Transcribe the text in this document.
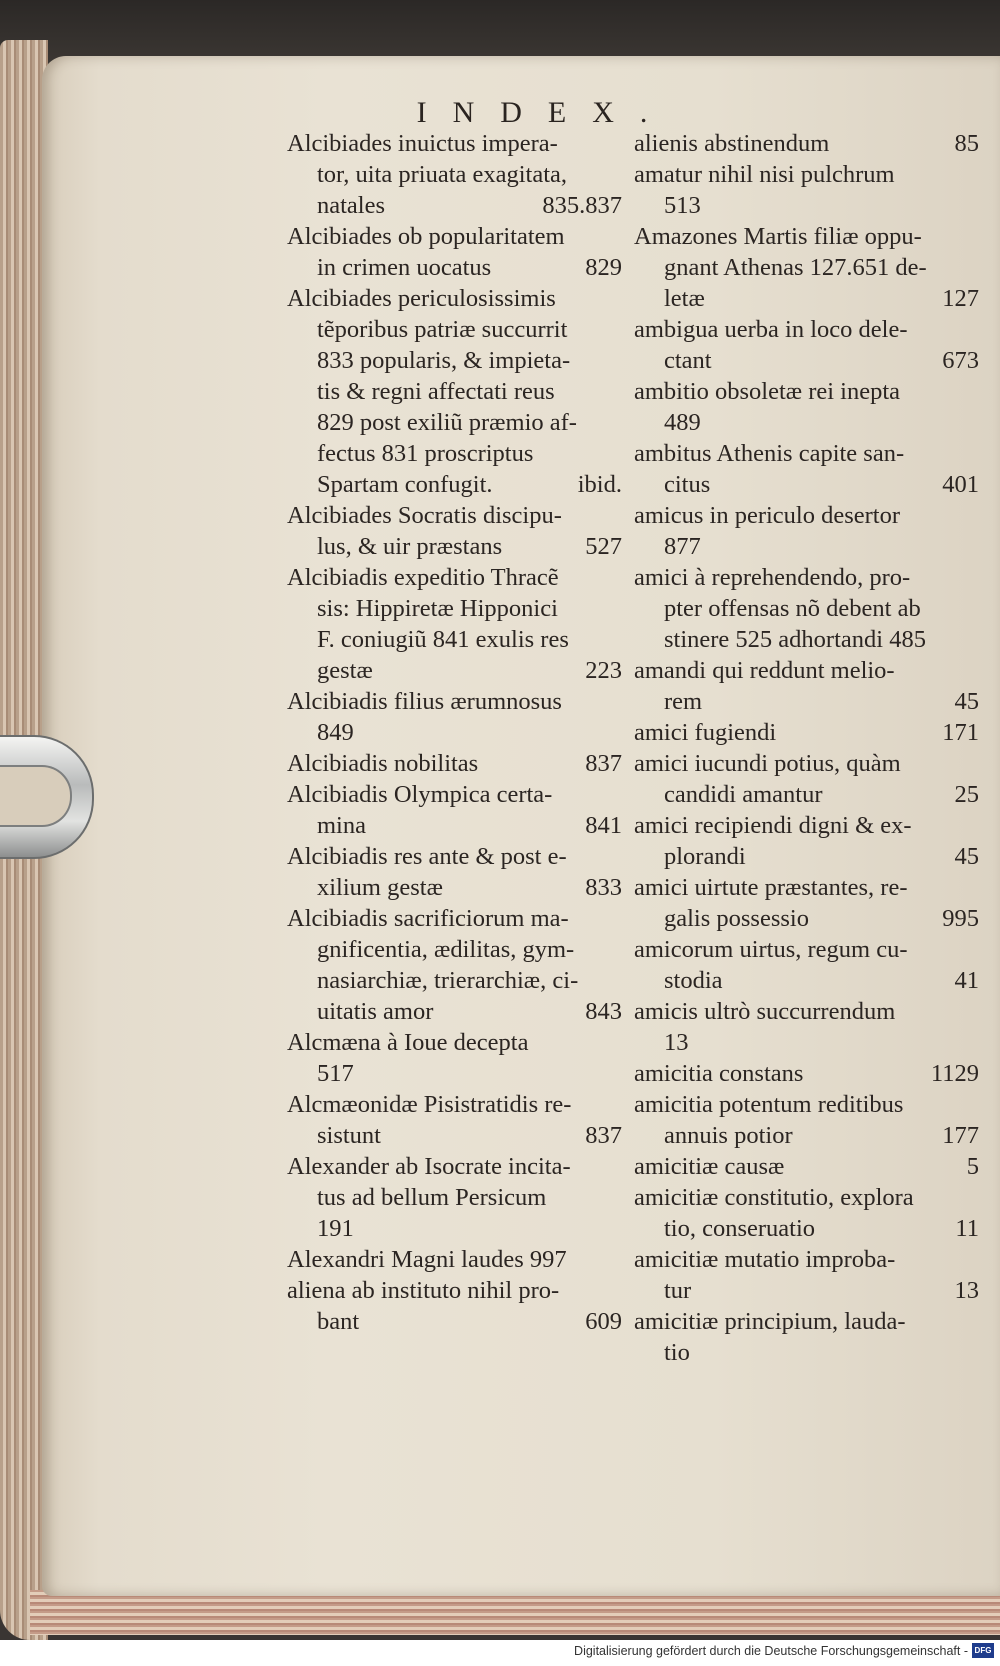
INDEX.
Alcibiades inuictus impera-
tor, uita priuata exagitata,
835.837
natales
Alcibiades ob popularitatem
829
in crimen uocatus
Alcibiades periculosissimis
tẽporibus patriæ succurrit
833 popularis, & impieta-
tis & regni affectati reus
829 post exiliũ præmio af-
fectus 831 proscriptus
ibid.
Spartam confugit.
Alcibiades Socratis discipu-
527
lus, & uir præstans
Alcibiadis expeditio Thracẽ
sis: Hippiretæ Hipponici
F. coniugiũ 841 exulis res
223
gestæ
Alcibiadis filius ærumnosus
849
837
Alcibiadis nobilitas
Alcibiadis Olympica certa-
841
mina
Alcibiadis res ante & post e-
833
xilium gestæ
Alcibiadis sacrificiorum ma-
gnificentia, ædilitas, gym-
nasiarchiæ, trierarchiæ, ci-
843
uitatis amor
Alcmæna à Ioue decepta
517
Alcmæonidæ Pisistratidis re-
837
sistunt
Alexander ab Isocrate incita-
tus ad bellum Persicum
191
Alexandri Magni laudes 997
aliena ab instituto nihil pro-
609
bant
85
alienis abstinendum
amatur nihil nisi pulchrum
513
Amazones Martis filiæ oppu-
gnant Athenas 127.651 de-
127
letæ
ambigua uerba in loco dele-
673
ctant
ambitio obsoletæ rei inepta
489
ambitus Athenis capite san-
401
citus
amicus in periculo desertor
877
amici à reprehendendo, pro-
pter offensas nõ debent ab
stinere 525 adhortandi 485
amandi qui reddunt melio-
45
rem
171
amici fugiendi
amici iucundi potius, quàm
25
candidi amantur
amici recipiendi digni & ex-
45
plorandi
amici uirtute præstantes, re-
995
galis possessio
amicorum uirtus, regum cu-
41
stodia
amicis ultrò succurrendum
13
1129
amicitia constans
amicitia potentum reditibus
177
annuis potior
5
amicitiæ causæ
amicitiæ constitutio, explora
11
tio, conseruatio
amicitiæ mutatio improba-
13
tur
amicitiæ principium, lauda-
tio
Digitalisierung gefördert durch die Deutsche Forschungsgemeinschaft - DFG
